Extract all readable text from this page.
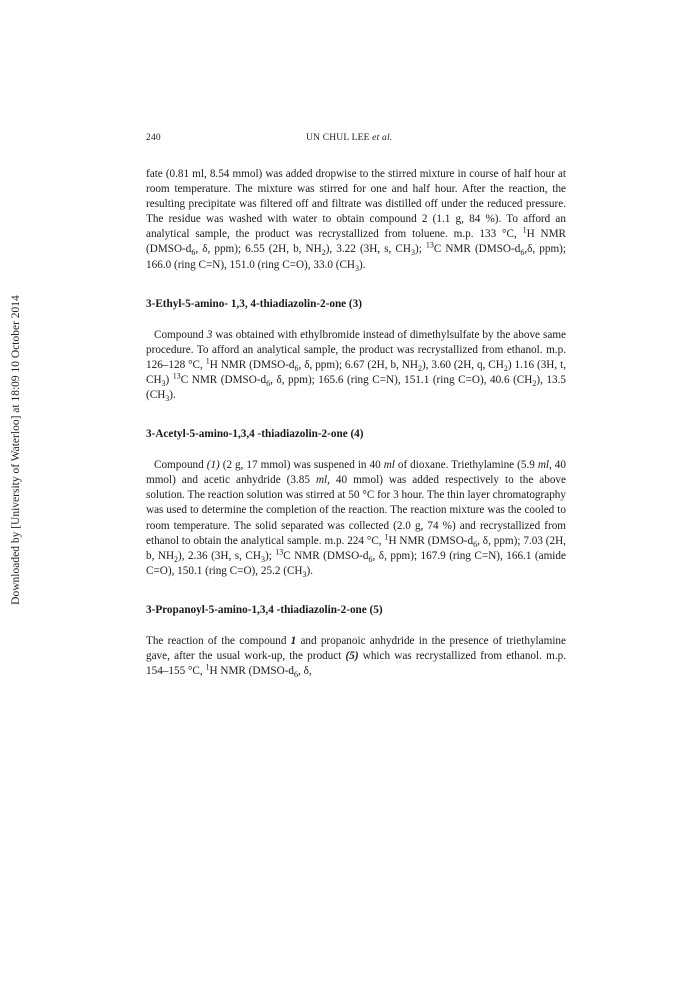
Downloaded by [University of Waterloo] at 18:09 10 October 2014
240	UN CHUL LEE et al.

fate (0.81 ml, 8.54 mmol) was added dropwise to the stirred mixture in course of half hour at room temperature. The mixture was stirred for one and half hour. After the reaction, the resulting precipitate was filtered off and filtrate was distilled off under the reduced pressure. The residue was washed with water to obtain compound 2 (1.1 g, 84 %). To afford an analytical sample, the product was recrystallized from toluene. m.p. 133 °C, $^1$H NMR ($DMSO-d_6$, δ, ppm); 6.55 (2H, b, $NH_2$), 3.22 (3H, s, $CH_3$); $^{13}$C NMR ($DMSO-d_6,\delta$, ppm); 166.0 (ring C=N), 151.0 (ring C=O), 33.0 $(CH_3)$.

3-Ethyl-5-amino- 1,3, 4-thiadiazolin-2-one (3)

Compound 3 was obtained with ethylbromide instead of dimethylsulfate by the above same procedure. To afford an analytical sample, the product was recrystallized from ethanol. m.p. 126–128 °C, $^1$H NMR ($DMSO-d_6$, δ, ppm); 6.67 (2H, b, $NH_2$), 3.60 (2H, q, $CH_2$) 1.16 (3H, t, $CH_3$) $^{13}$C NMR ($DMSO-d_6$, δ, ppm); 165.6 (ring C=N), 151.1 (ring C=O), 40.6 $(CH_2)$, 13.5 $(CH_3)$.

3-Acetyl-5-amino-1,3,4 -thiadiazolin-2-one (4)

Compound (1) (2 g, 17 mmol) was suspened in 40 ml of dioxane. Triethylamine (5.9 ml, 40 mmol) and acetic anhydride (3.85 ml, 40 mmol) was added respectively to the above solution. The reaction solution was stirred at 50 °C for 3 hour. The thin layer chromatography was used to determine the completion of the reaction. The reaction mixture was the cooled to room temperature. The solid separated was collected (2.0 g, 74 %) and recrystallized from ethanol to obtain the analytical sample. m.p. 224 °C, $^1$H NMR ($DMSO-d_6$, δ, ppm); 7.03 (2H, b, $NH_2$), 2.36 (3H, s, $CH_3$); $^{13}$C NMR ($DMSO-d_6$, δ, ppm); 167.9 (ring C=N), 166.1 (amide C=O), 150.1 (ring C=O), 25.2 $(CH_3)$.

3-Propanoyl-5-amino-1,3,4 -thiadiazolin-2-one (5)

The reaction of the compound 1 and propanoic anhydride in the presence of triethylamine gave, after the usual work-up, the product (5) which was recrystallized from ethanol. m.p. 154–155 °C, $^1$H NMR ($DMSO-d_6$, δ,
